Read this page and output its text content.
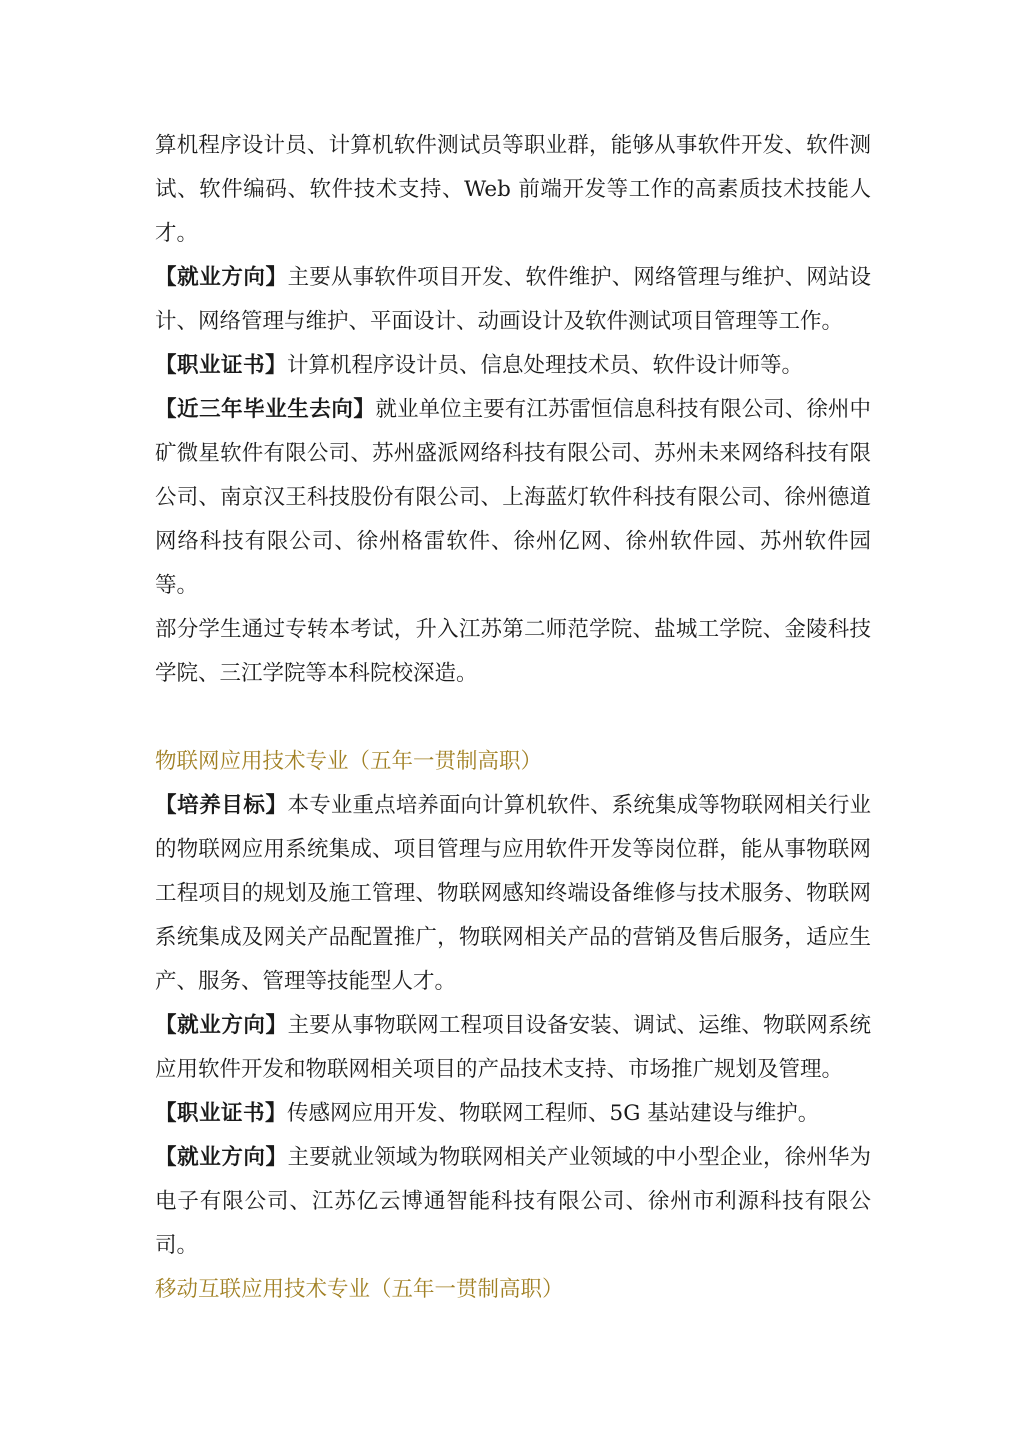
算机程序设计员、计算机软件测试员等职业群，能够从事软件开发、软件测试、软件编码、软件技术支持、Web 前端开发等工作的高素质技术技能人才。

【就业方向】主要从事软件项目开发、软件维护、网络管理与维护、网站设计、网络管理与维护、平面设计、动画设计及软件测试项目管理等工作。

【职业证书】计算机程序设计员、信息处理技术员、软件设计师等。

【近三年毕业生去向】就业单位主要有江苏雷恒信息科技有限公司、徐州中矿微星软件有限公司、苏州盛派网络科技有限公司、苏州未来网络科技有限公司、南京汉王科技股份有限公司、上海蓝灯软件科技有限公司、徐州德道网络科技有限公司、徐州格雷软件、徐州亿网、徐州软件园、苏州软件园等。

部分学生通过专转本考试，升入江苏第二师范学院、盐城工学院、金陵科技学院、三江学院等本科院校深造。

物联网应用技术专业（五年一贯制高职）

【培养目标】本专业重点培养面向计算机软件、系统集成等物联网相关行业的物联网应用系统集成、项目管理与应用软件开发等岗位群，能从事物联网工程项目的规划及施工管理、物联网感知终端设备维修与技术服务、物联网系统集成及网关产品配置推广，物联网相关产品的营销及售后服务，适应生产、服务、管理等技能型人才。

【就业方向】主要从事物联网工程项目设备安装、调试、运维、物联网系统应用软件开发和物联网相关项目的产品技术支持、市场推广规划及管理。

【职业证书】传感网应用开发、物联网工程师、5G 基站建设与维护。

【就业方向】主要就业领域为物联网相关产业领域的中小型企业，徐州华为电子有限公司、江苏亿云博通智能科技有限公司、徐州市利源科技有限公司。

移动互联应用技术专业（五年一贯制高职）
